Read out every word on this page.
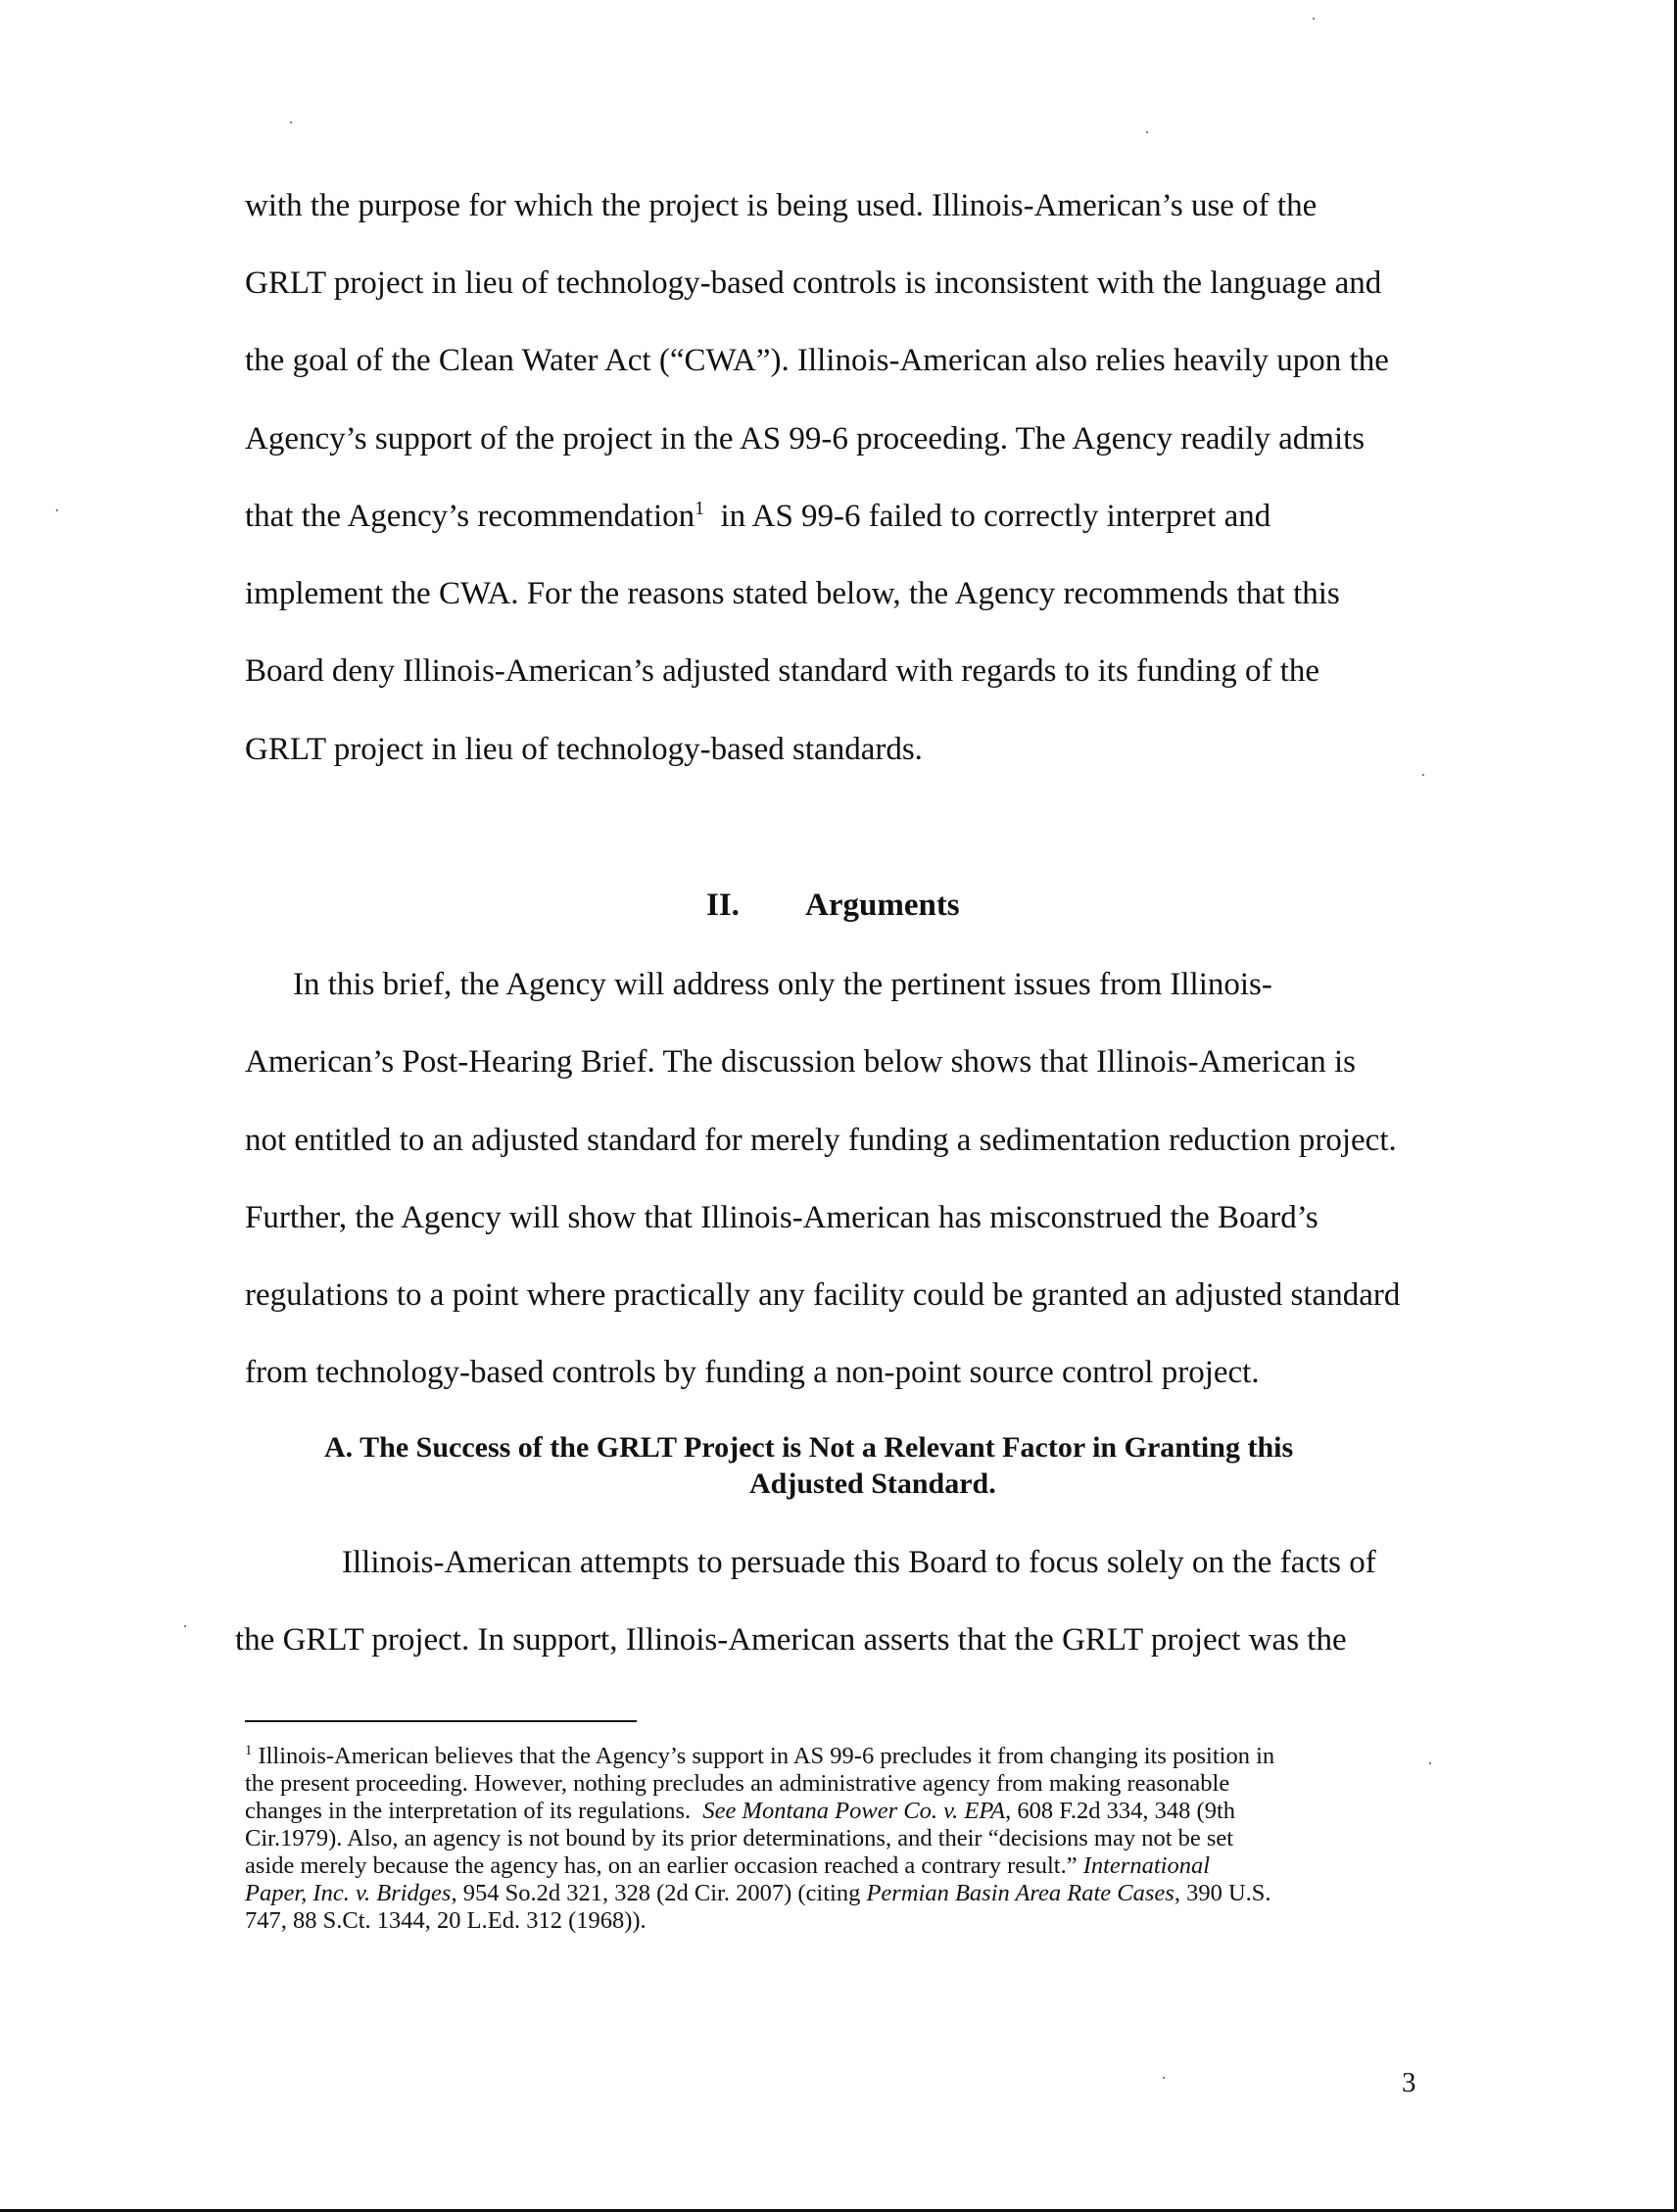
with the purpose for which the project is being used. Illinois-American’s use of the

GRLT project in lieu of technology-based controls is inconsistent with the language and

the goal of the Clean Water Act (“CWA”). Illinois-American also relies heavily upon the

Agency’s support of the project in the AS 99-6 proceeding. The Agency readily admits

that the Agency’s recommendation$^1$  in AS 99-6 failed to correctly interpret and

implement the CWA. For the reasons stated below, the Agency recommends that this

Board deny Illinois-American’s adjusted standard with regards to its funding of the

GRLT project in lieu of technology-based standards.

II. Arguments

In this brief, the Agency will address only the pertinent issues from Illinois-

American’s Post-Hearing Brief. The discussion below shows that Illinois-American is

not entitled to an adjusted standard for merely funding a sedimentation reduction project.

Further, the Agency will show that Illinois-American has misconstrued the Board’s

regulations to a point where practically any facility could be granted an adjusted standard

from technology-based controls by funding a non-point source control project.

A. The Success of the GRLT Project is Not a Relevant Factor in Granting this

Adjusted Standard.

Illinois-American attempts to persuade this Board to focus solely on the facts of

the GRLT project. In support, Illinois-American asserts that the GRLT project was the

$^1$ Illinois-American believes that the Agency’s support in AS 99-6 precludes it from changing its position in

the present proceeding. However, nothing precludes an administrative agency from making reasonable

changes in the interpretation of its regulations.  See Montana Power Co. v. EPA, 608 F.2d 334, 348 (9th

Cir.1979). Also, an agency is not bound by its prior determinations, and their “decisions may not be set

aside merely because the agency has, on an earlier occasion reached a contrary result.” International

Paper, Inc. v. Bridges, 954 So.2d 321, 328 (2d Cir. 2007) (citing Permian Basin Area Rate Cases, 390 U.S.

747, 88 S.Ct. 1344, 20 L.Ed. 312 (1968)).

3
